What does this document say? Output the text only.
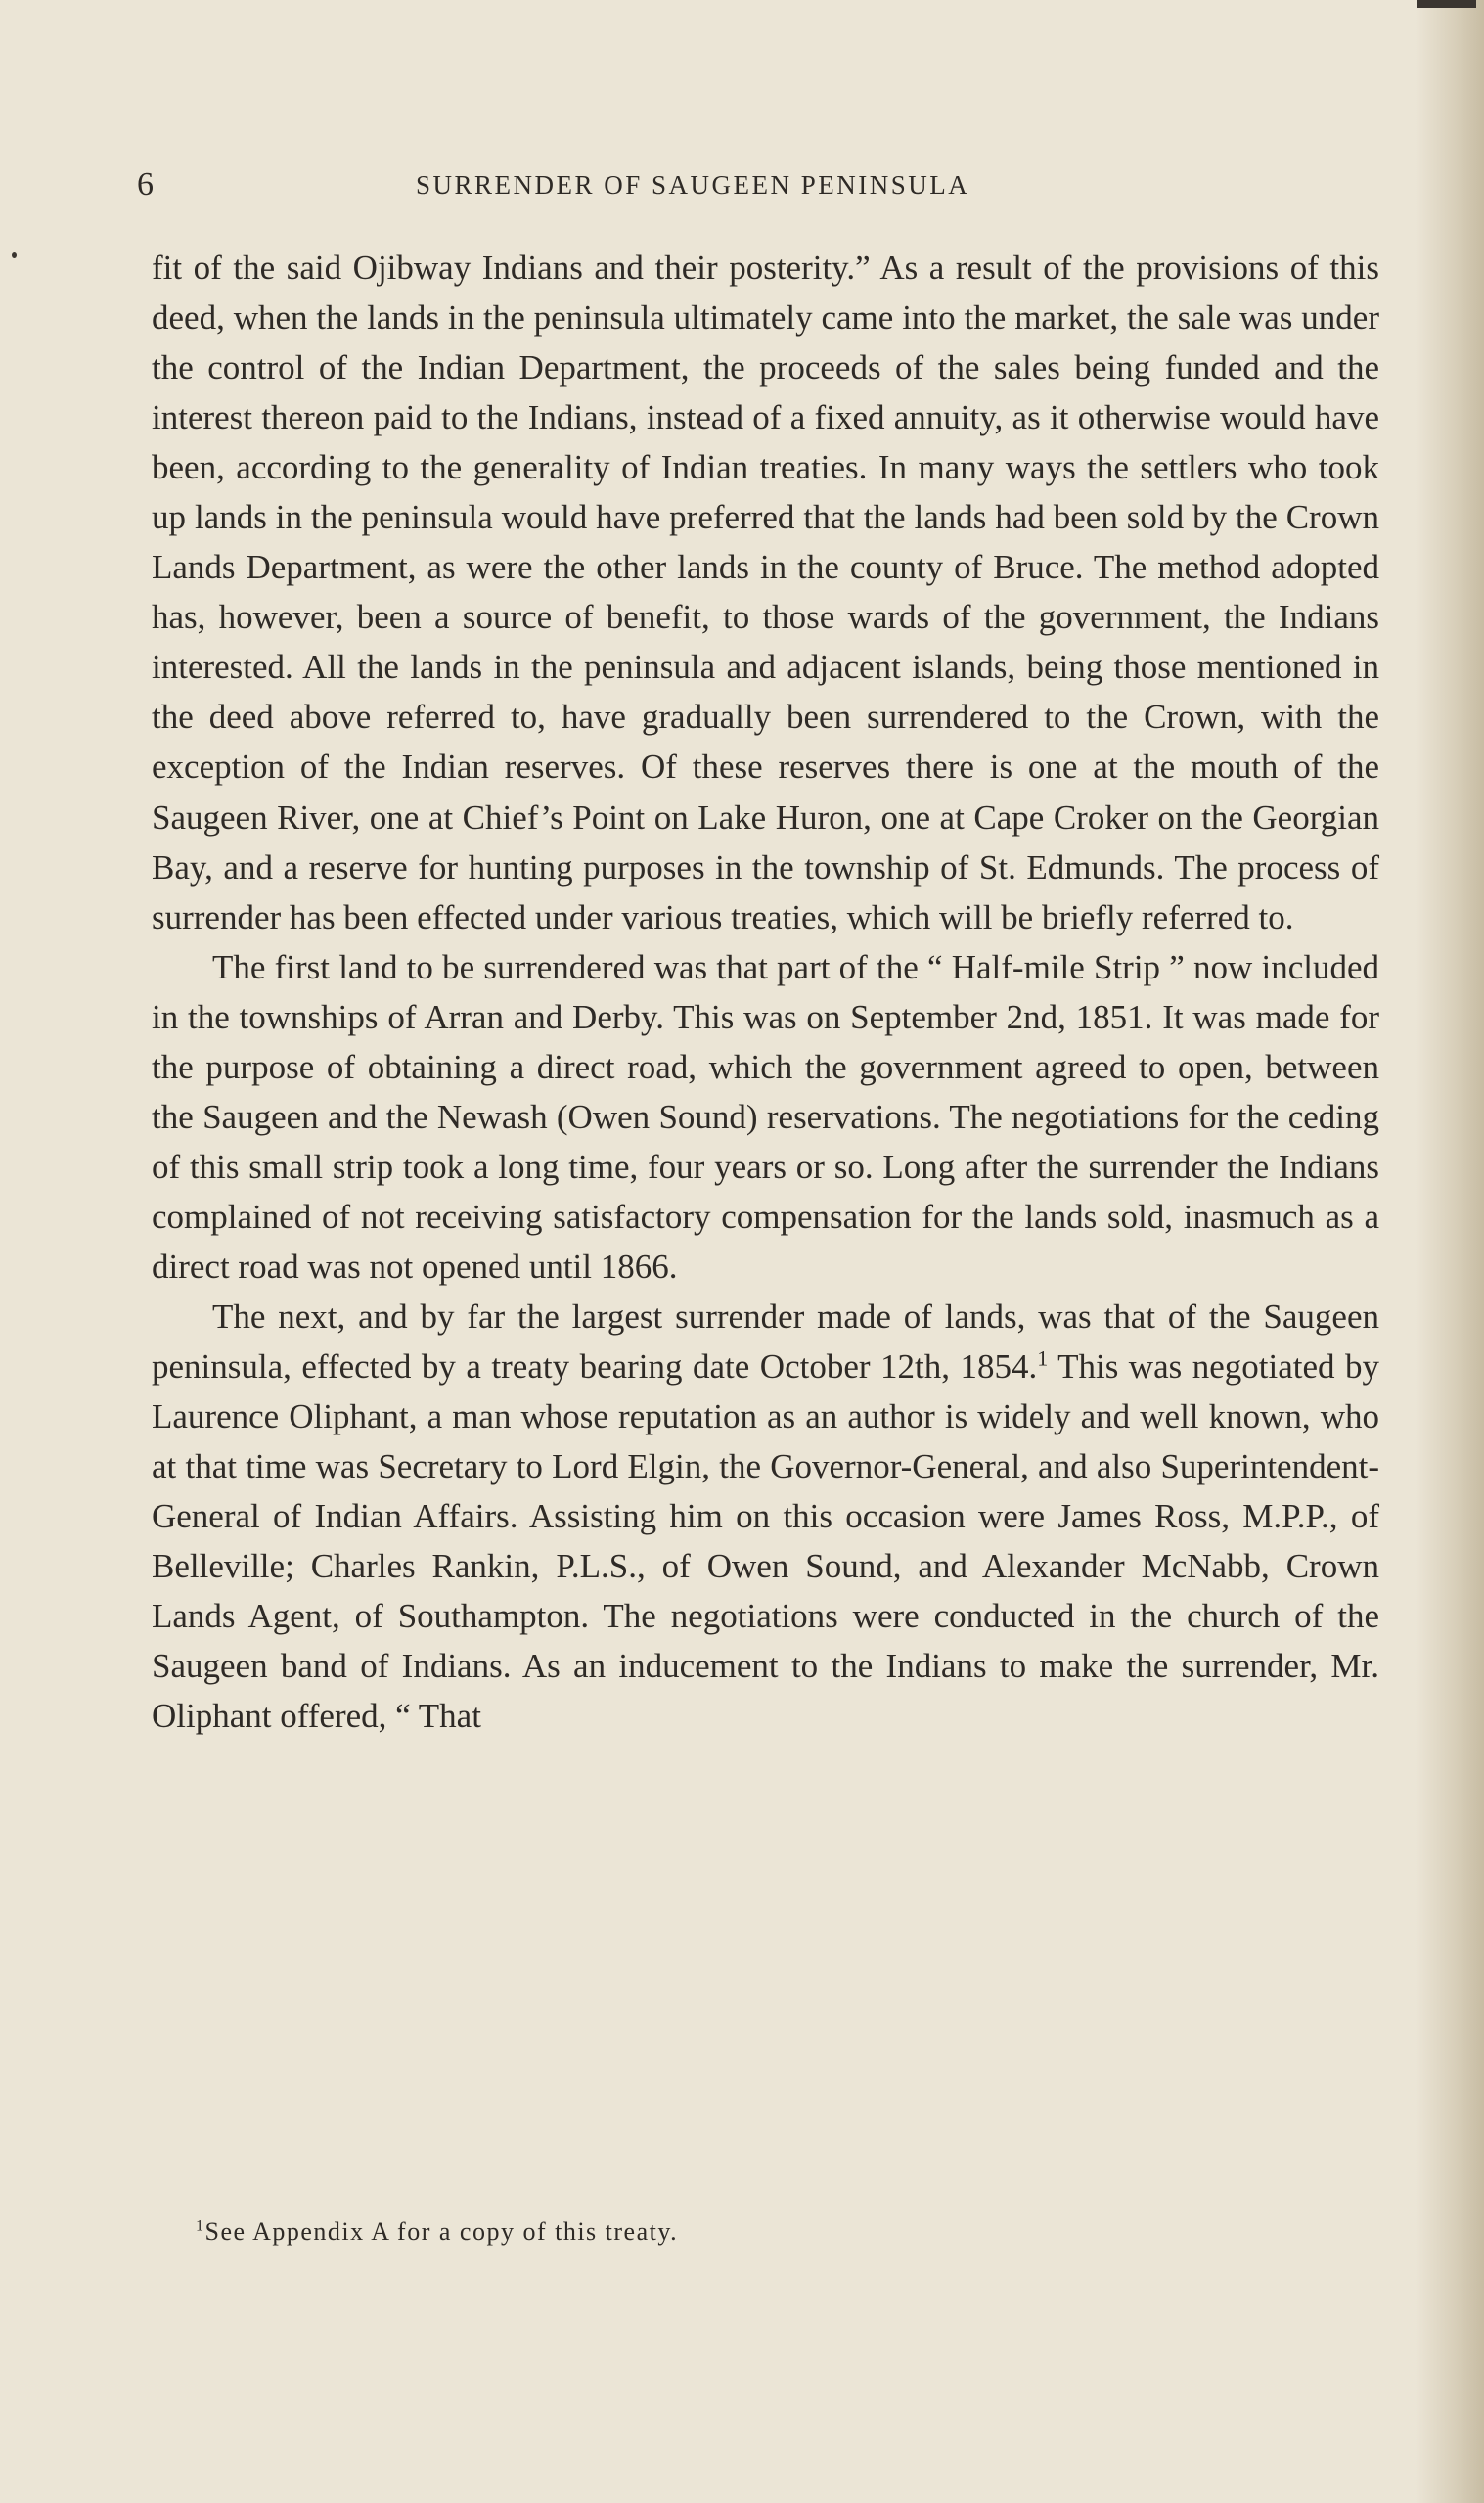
6	SURRENDER OF SAUGEEN PENINSULA

fit of the said Ojibway Indians and their posterity.” As a result of the provisions of this deed, when the lands in the peninsula ultimately came into the market, the sale was under the control of the Indian Department, the proceeds of the sales being funded and the interest thereon paid to the Indians, instead of a fixed annuity, as it otherwise would have been, according to the generality of Indian treaties. In many ways the settlers who took up lands in the peninsula would have preferred that the lands had been sold by the Crown Lands Department, as were the other lands in the county of Bruce. The method adopted has, however, been a source of benefit, to those wards of the government, the Indians interested. All the lands in the peninsula and adjacent islands, being those mentioned in the deed above referred to, have gradually been surrendered to the Crown, with the exception of the Indian reserves. Of these reserves there is one at the mouth of the Saugeen River, one at Chief’s Point on Lake Huron, one at Cape Croker on the Georgian Bay, and a reserve for hunting purposes in the township of St. Edmunds. The process of surrender has been effected under various treaties, which will be briefly referred to.

The first land to be surrendered was that part of the “ Half-mile Strip ” now included in the townships of Arran and Derby. This was on September 2nd, 1851. It was made for the purpose of obtaining a direct road, which the government agreed to open, between the Saugeen and the Newash (Owen Sound) reservations. The negotiations for the ceding of this small strip took a long time, four years or so. Long after the surrender the Indians complained of not receiving satisfactory compensation for the lands sold, inasmuch as a direct road was not opened until 1866.

The next, and by far the largest surrender made of lands, was that of the Saugeen peninsula, effected by a treaty bearing date October 12th, 1854.$^1$ This was negotiated by Laurence Oliphant, a man whose reputation as an author is widely and well known, who at that time was Secretary to Lord Elgin, the Governor-General, and also Superintendent-General of Indian Affairs. Assisting him on this occasion were James Ross, M.P.P., of Belleville; Charles Rankin, P.L.S., of Owen Sound, and Alexander McNabb, Crown Lands Agent, of Southampton. The negotiations were conducted in the church of the Saugeen band of Indians. As an inducement to the Indians to make the surrender, Mr. Oliphant offered, “ That

$^1$See Appendix A for a copy of this treaty.
